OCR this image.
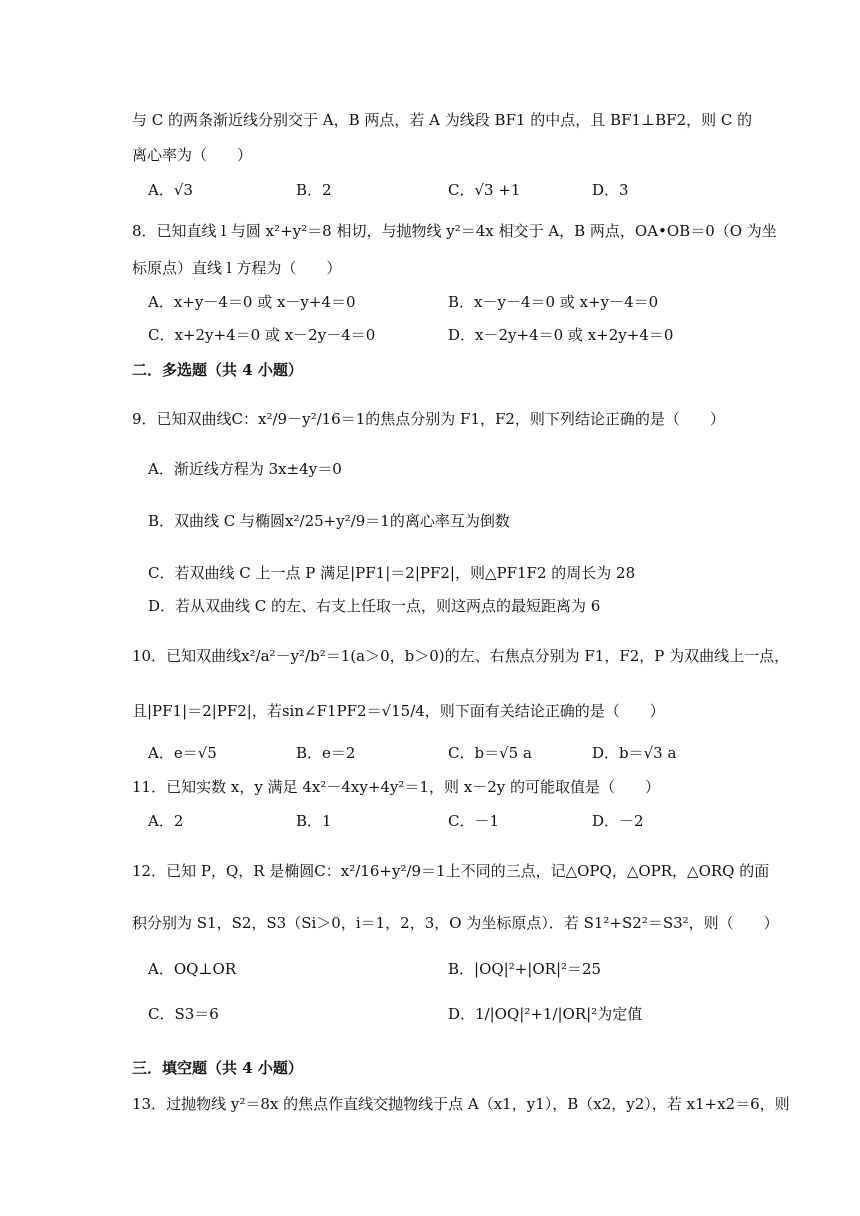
与 C 的两条渐近线分别交于 A，B 两点，若 A 为线段 BF1 的中点，且 BF1⊥BF2，则 C 的
离心率为（　　）
A．√3	B．2	C．√3 +1	D．3
8．已知直线 l 与圆 x²+y²＝8 相切，与抛物线 y²＝4x 相交于 A，B 两点，OA•OB＝0（O 为坐
标原点）直线 l 方程为（　　）
A．x+y－4＝0 或 x－y+4＝0	B．x－y－4＝0 或 x+y－4＝0
C．x+2y+4＝0 或 x－2y－4＝0	D．x－2y+4＝0 或 x+2y+4＝0
二．多选题（共 4 小题）
9．已知双曲线C：x²/9－y²/16＝1的焦点分别为 F1，F2，则下列结论正确的是（　　）
A．渐近线方程为 3x±4y＝0
B．双曲线 C 与椭圆x²/25+y²/9＝1的离心率互为倒数
C．若双曲线 C 上一点 P 满足|PF1|＝2|PF2|，则△PF1F2 的周长为 28
D．若从双曲线 C 的左、右支上任取一点，则这两点的最短距离为 6
10．已知双曲线x²/a²－y²/b²＝1(a＞0，b＞0)的左、右焦点分别为 F1，F2，P 为双曲线上一点，
且|PF1|＝2|PF2|，若sin∠F1PF2＝√15/4，则下面有关结论正确的是（　　）
A．e＝√5	B．e＝2	C．b＝√5 a	D．b＝√3 a
11．已知实数 x，y 满足 4x²－4xy+4y²＝1，则 x－2y 的可能取值是（　　）
A．2	B．1	C．－1	D．－2
12．已知 P，Q，R 是椭圆C：x²/16+y²/9＝1上不同的三点，记△OPQ，△OPR，△ORQ 的面
积分别为 S1，S2，S3（Si＞0，i＝1，2，3，O 为坐标原点）．若 S1²+S2²＝S3²，则（　　）
A．OQ⊥OR	B．|OQ|²+|OR|²＝25
C．S3＝6	D．1/|OQ|²+1/|OR|²为定值
三．填空题（共 4 小题）
13．过抛物线 y²＝8x 的焦点作直线交抛物线于点 A（x1，y1），B（x2，y2），若 x1+x2＝6，则
